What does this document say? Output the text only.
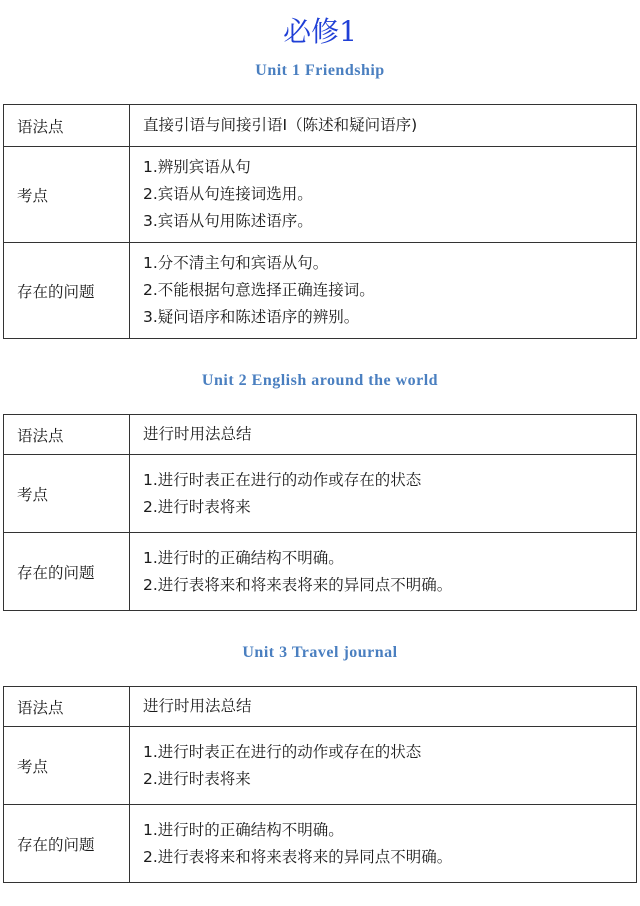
必修1
Unit 1 Friendship
语法点	直接引语与间接引语Ⅰ（陈述和疑问语序)

考点	1.辨别宾语从句
2.宾语从句连接词选用。
3.宾语从句用陈述语序。

存在的问题	1.分不清主句和宾语从句。
2.不能根据句意选择正确连接词。
3.疑问语序和陈述语序的辨别。
Unit 2 English around the world
语法点	进行时用法总结

考点	1.进行时表正在进行的动作或存在的状态
2.进行时表将来

存在的问题	1.进行时的正确结构不明确。
2.进行表将来和将来表将来的异同点不明确。
Unit 3 Travel journal
语法点	进行时用法总结

考点	1.进行时表正在进行的动作或存在的状态
2.进行时表将来

存在的问题	1.进行时的正确结构不明确。
2.进行表将来和将来表将来的异同点不明确。
